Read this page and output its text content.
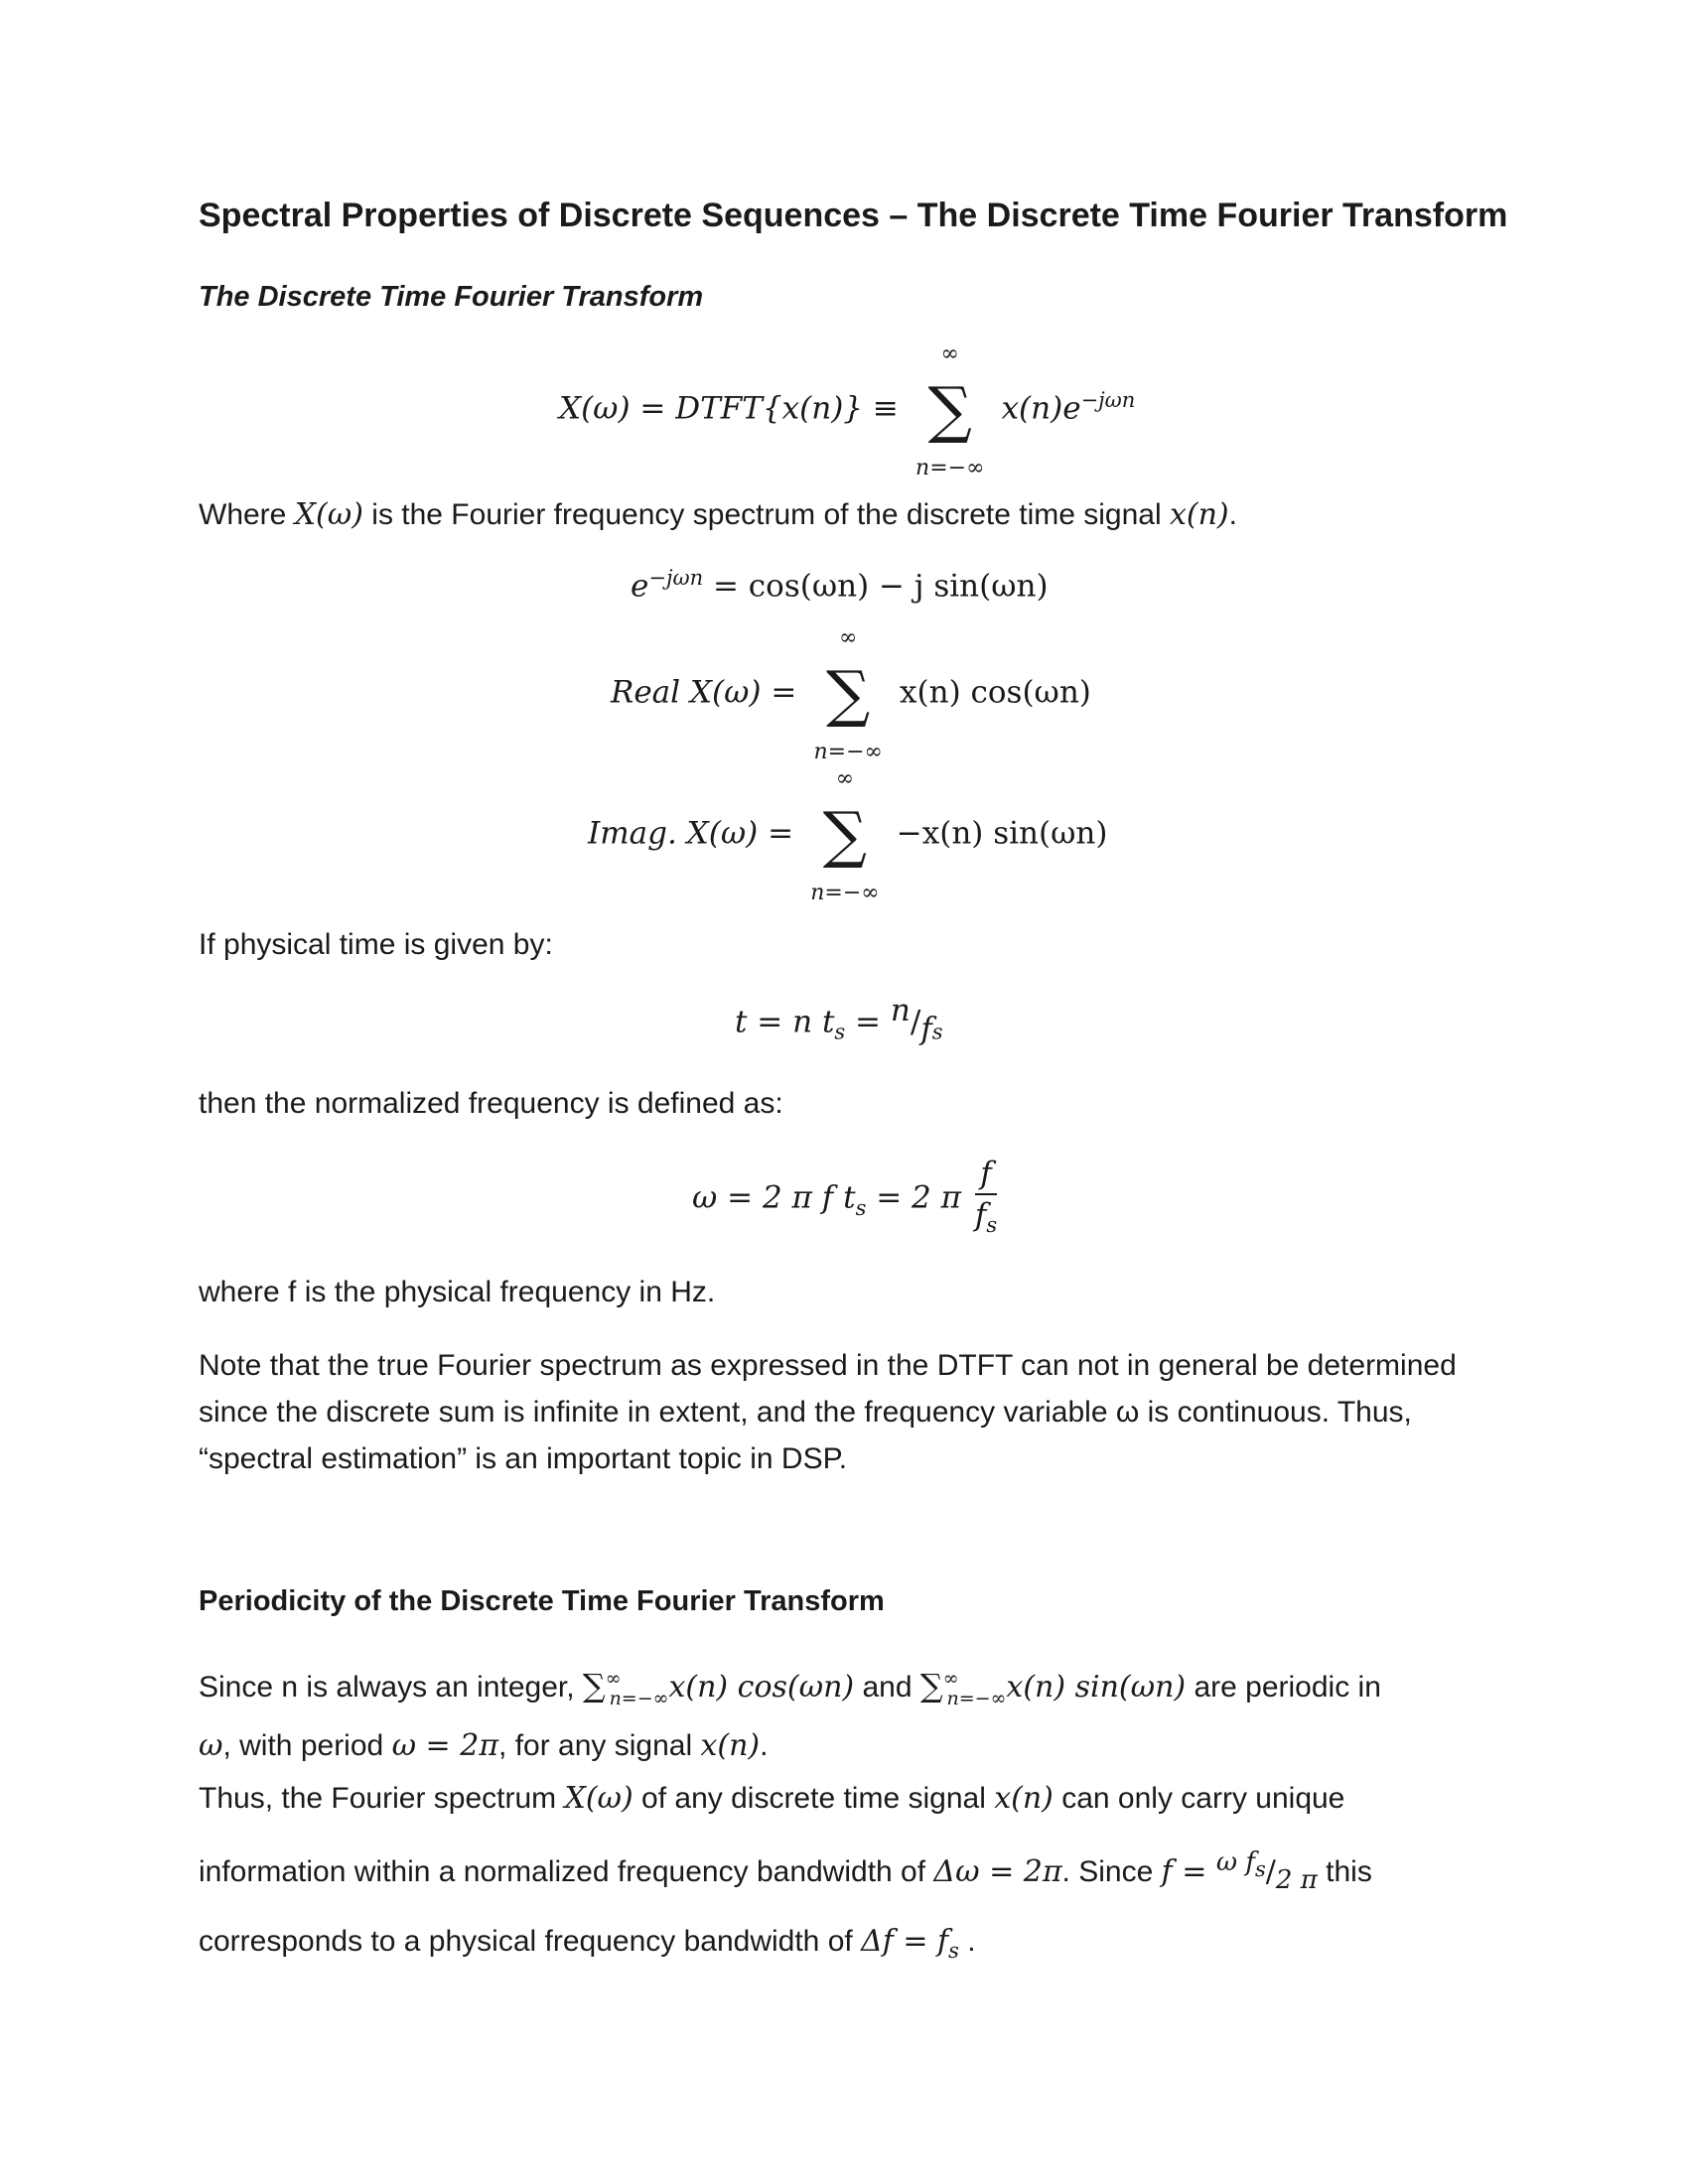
Spectral Properties of Discrete Sequences – The Discrete Time Fourier Transform
The Discrete Time Fourier Transform
X(ω) = DTFT{x(n)} ≡
∞
∑
n=−∞
$x(n)e^{-j\omega n}$
Where X(ω) is the Fourier frequency spectrum of the discrete time signal x(n).
$e^{-j\omega n} = \cos(\omega n) - j$ sin(ωn)
Real X(ω) =
∞
∑
n=−∞
x(n) cos(ωn)
Imag. X(ω) =
∞
∑
n=−∞
−x(n) sin(ωn)
If physical time is given by:
t = n $t_s = ^n/_{fs}$
then the normalized frequency is defined as:
ω = 2 π f $t_s = 2$ π $\frac{f}{f_s}$
where f is the physical frequency in Hz.
Note that the true Fourier spectrum as expressed in the DTFT can not in general be determined since the discrete sum is infinite in extent, and the frequency variable ω is continuous. Thus, “spectral estimation” is an important topic in DSP.
Periodicity of the Discrete Time Fourier Transform
Since n is always an integer, $\sum^\infty_{n=-\infty}x(n)$ cos(ωn) and $\sum^\infty_{n=-\infty}x(n)$ sin(ωn) are periodic in
ω, with period ω = 2π, for any signal x(n).
Thus, the Fourier spectrum X(ω) of any discrete time signal x(n) can only carry unique
information within a normalized frequency bandwidth of Δω = 2π. Since $f = ^{\omega f_s}/_{2 \pi}$ this
corresponds to a physical frequency bandwidth of $\Delta f = f_s$ .
